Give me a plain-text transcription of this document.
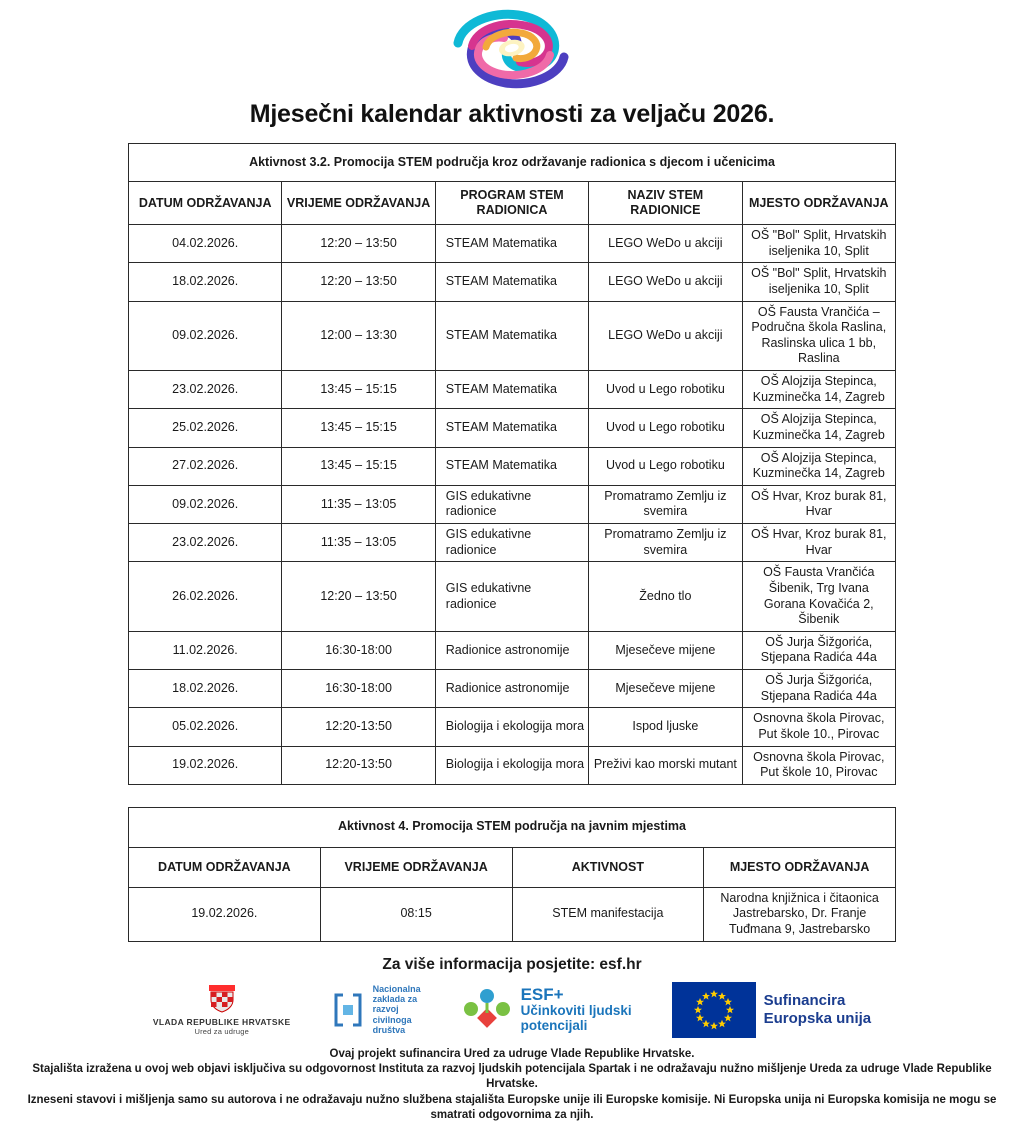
Mjesečni kalendar aktivnosti za veljaču 2026.
Aktivnost 3.2. Promocija STEM područja kroz održavanje radionica s djecom i učenicima				
DATUM ODRŽAVANJA	VRIJEME ODRŽAVANJA	PROGRAM STEM RADIONICA	NAZIV STEM RADIONICE	MJESTO ODRŽAVANJA
04.02.2026.	12:20 – 13:50	STEAM Matematika	LEGO WeDo u akciji	OŠ "Bol" Split, Hrvatskih iseljenika 10, Split
18.02.2026.	12:20 – 13:50	STEAM Matematika	LEGO WeDo u akciji	OŠ "Bol" Split, Hrvatskih iseljenika 10, Split
09.02.2026.	12:00 – 13:30	STEAM Matematika	LEGO WeDo u akciji	OŠ Fausta Vrančića – Područna škola Raslina, Raslinska ulica 1 bb, Raslina
23.02.2026.	13:45 – 15:15	STEAM Matematika	Uvod u Lego robotiku	OŠ Alojzija Stepinca, Kuzminečka 14, Zagreb
25.02.2026.	13:45 – 15:15	STEAM Matematika	Uvod u Lego robotiku	OŠ Alojzija Stepinca, Kuzminečka 14, Zagreb
27.02.2026.	13:45 – 15:15	STEAM Matematika	Uvod u Lego robotiku	OŠ Alojzija Stepinca, Kuzminečka 14, Zagreb
09.02.2026.	11:35 – 13:05	GIS edukativne radionice	Promatramo Zemlju iz svemira	OŠ Hvar, Kroz burak 81, Hvar
23.02.2026.	11:35 – 13:05	GIS edukativne radionice	Promatramo Zemlju iz svemira	OŠ Hvar, Kroz burak 81, Hvar
26.02.2026.	12:20 – 13:50	GIS edukativne radionice	Žedno tlo	OŠ Fausta Vrančića Šibenik, Trg Ivana Gorana Kovačića 2, Šibenik
11.02.2026.	16:30-18:00	Radionice astronomije	Mjesečeve mijene	OŠ Jurja Šižgorića, Stjepana Radića 44a
18.02.2026.	16:30-18:00	Radionice astronomije	Mjesečeve mijene	OŠ Jurja Šižgorića, Stjepana Radića 44a
05.02.2026.	12:20-13:50	Biologija i ekologija mora	Ispod ljuske	Osnovna škola Pirovac, Put škole 10., Pirovac
19.02.2026.	12:20-13:50	Biologija i ekologija mora	Preživi kao morski mutant	Osnovna škola Pirovac, Put škole 10, Pirovac
Aktivnost 4. Promocija STEM područja na javnim mjestima			
DATUM ODRŽAVANJA	VRIJEME ODRŽAVANJA	AKTIVNOST	MJESTO ODRŽAVANJA
19.02.2026.	08:15	STEM manifestacija	Narodna knjižnica i čitaonica Jastrebarsko, Dr. Franje Tuđmana 9, Jastrebarsko
Za više informacija posjetite: esf.hr
VLADA REPUBLIKE HRVATSKE
Ured za udruge
Nacionalna
zaklada za
razvoj
civilnoga
društva
ESF+
Učinkoviti ljudski
potencijali
Sufinancira
Europska unija
Ovaj projekt sufinancira Ured za udruge Vlade Republike Hrvatske.
Stajališta izražena u ovoj web objavi isključiva su odgovornost Instituta za razvoj ljudskih potencijala Spartak i ne odražavaju nužno mišljenje Ureda za udruge Vlade Republike Hrvatske.
Izneseni stavovi i mišljenja samo su autorova i ne odražavaju nužno službena stajališta Europske unije ili Europske komisije. Ni Europska unija ni Europska komisija ne mogu se smatrati odgovornima za njih.
